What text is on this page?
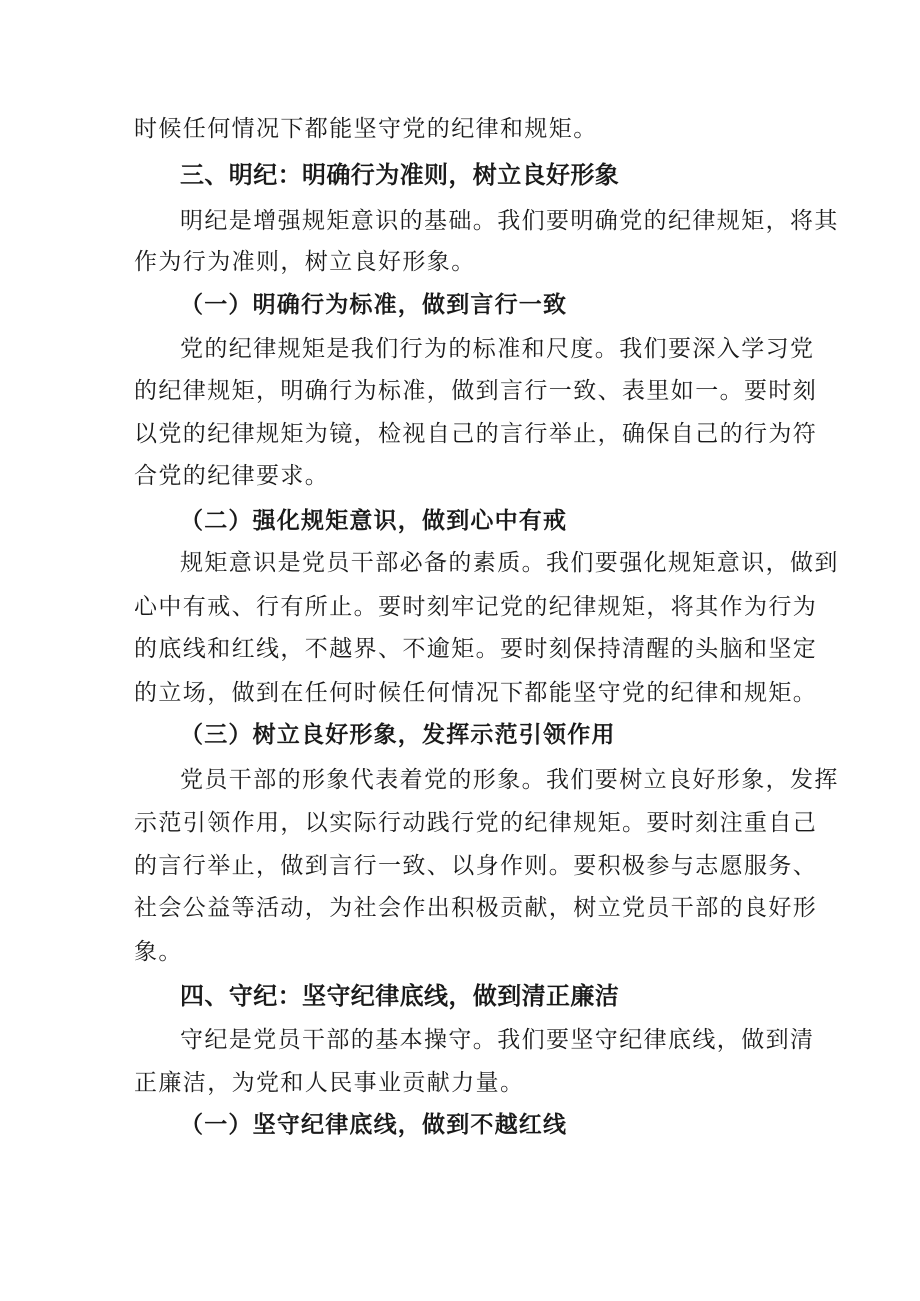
时候任何情况下都能坚守党的纪律和规矩。

三、明纪：明确行为准则，树立良好形象

明纪是增强规矩意识的基础。我们要明确党的纪律规矩，将其

作为行为准则，树立良好形象。

（一）明确行为标准，做到言行一致

党的纪律规矩是我们行为的标准和尺度。我们要深入学习党

的纪律规矩，明确行为标准，做到言行一致、表里如一。要时刻

以党的纪律规矩为镜，检视自己的言行举止，确保自己的行为符

合党的纪律要求。

（二）强化规矩意识，做到心中有戒

规矩意识是党员干部必备的素质。我们要强化规矩意识，做到

心中有戒、行有所止。要时刻牢记党的纪律规矩，将其作为行为

的底线和红线，不越界、不逾矩。要时刻保持清醒的头脑和坚定

的立场，做到在任何时候任何情况下都能坚守党的纪律和规矩。

（三）树立良好形象，发挥示范引领作用

党员干部的形象代表着党的形象。我们要树立良好形象，发挥

示范引领作用，以实际行动践行党的纪律规矩。要时刻注重自己

的言行举止，做到言行一致、以身作则。要积极参与志愿服务、

社会公益等活动，为社会作出积极贡献，树立党员干部的良好形

象。

四、守纪：坚守纪律底线，做到清正廉洁

守纪是党员干部的基本操守。我们要坚守纪律底线，做到清

正廉洁，为党和人民事业贡献力量。

（一）坚守纪律底线，做到不越红线
